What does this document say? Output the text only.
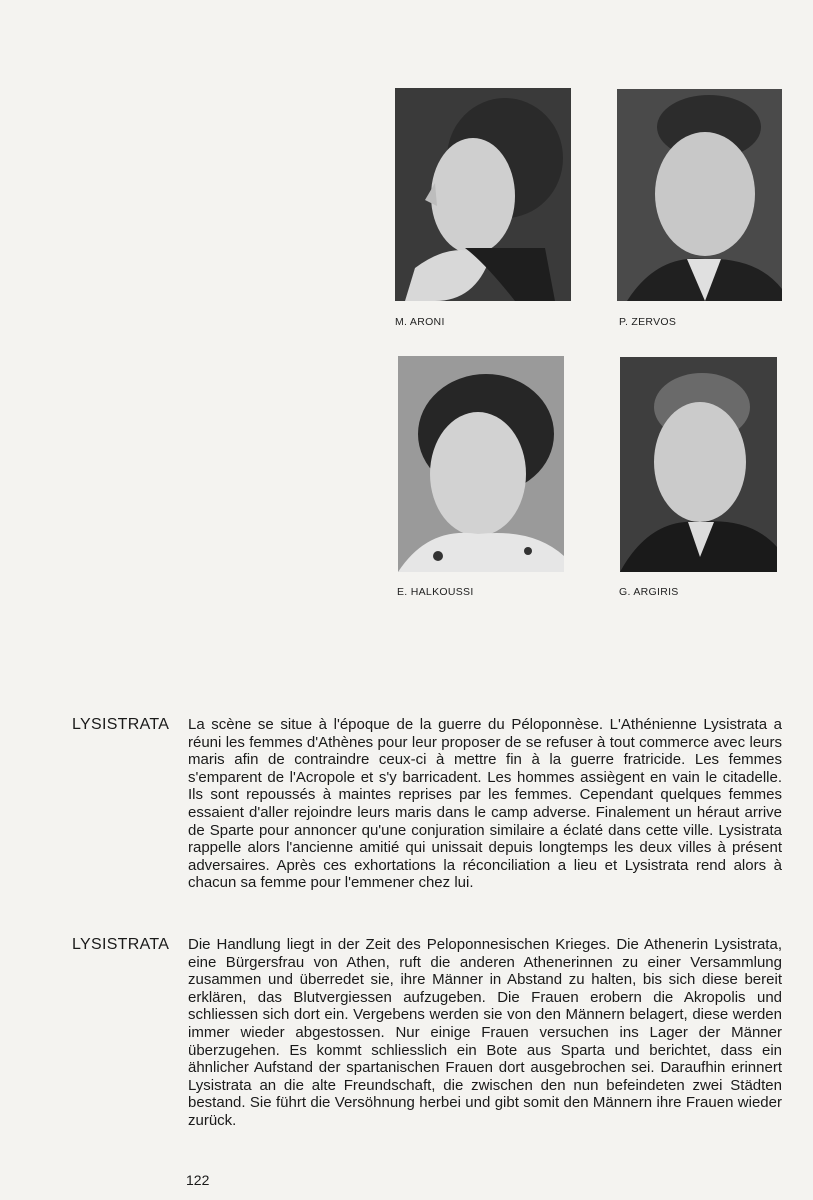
M. ARONI	P. ZERVOS
E. HALKOUSSI	G. ARGIRIS
LYSISTRATA La scène se situe à l'époque de la guerre du Péloponnèse. L'Athénienne Lysistrata a réuni les femmes d'Athènes pour leur proposer de se refuser à tout commerce avec leurs maris afin de contraindre ceux-ci à mettre fin à la guerre fratricide. Les femmes s'emparent de l'Acropole et s'y barricadent. Les hommes assiègent en vain le citadelle. Ils sont repoussés à maintes reprises par les femmes. Cependant quelques femmes essaient d'aller rejoindre leurs maris dans le camp adverse. Finalement un héraut arrive de Sparte pour annoncer qu'une conjuration similaire a éclaté dans cette ville. Lysistrata rappelle alors l'ancienne amitié qui unissait depuis longtemps les deux villes à présent adversaires. Après ces exhortations la réconciliation a lieu et Lysistrata rend alors à chacun sa femme pour l'emmener chez lui.
LYSISTRATA Die Handlung liegt in der Zeit des Peloponnesischen Krieges. Die Athenerin Lysistrata, eine Bürgersfrau von Athen, ruft die anderen Athenerinnen zu einer Versammlung zusammen und überredet sie, ihre Männer in Abstand zu halten, bis sich diese bereit erklären, das Blutvergiessen aufzugeben. Die Frauen erobern die Akropolis und schliessen sich dort ein. Vergebens werden sie von den Männern belagert, diese werden immer wieder abgestossen. Nur einige Frauen versuchen ins Lager der Männer überzugehen. Es kommt schliesslich ein Bote aus Sparta und berichtet, dass ein ähnlicher Aufstand der spartanischen Frauen dort ausgebrochen sei. Daraufhin erinnert Lysistrata an die alte Freundschaft, die zwischen den nun befeindeten zwei Städten bestand. Sie führt die Versöhnung herbei und gibt somit den Männern ihre Frauen wieder zurück.
122
